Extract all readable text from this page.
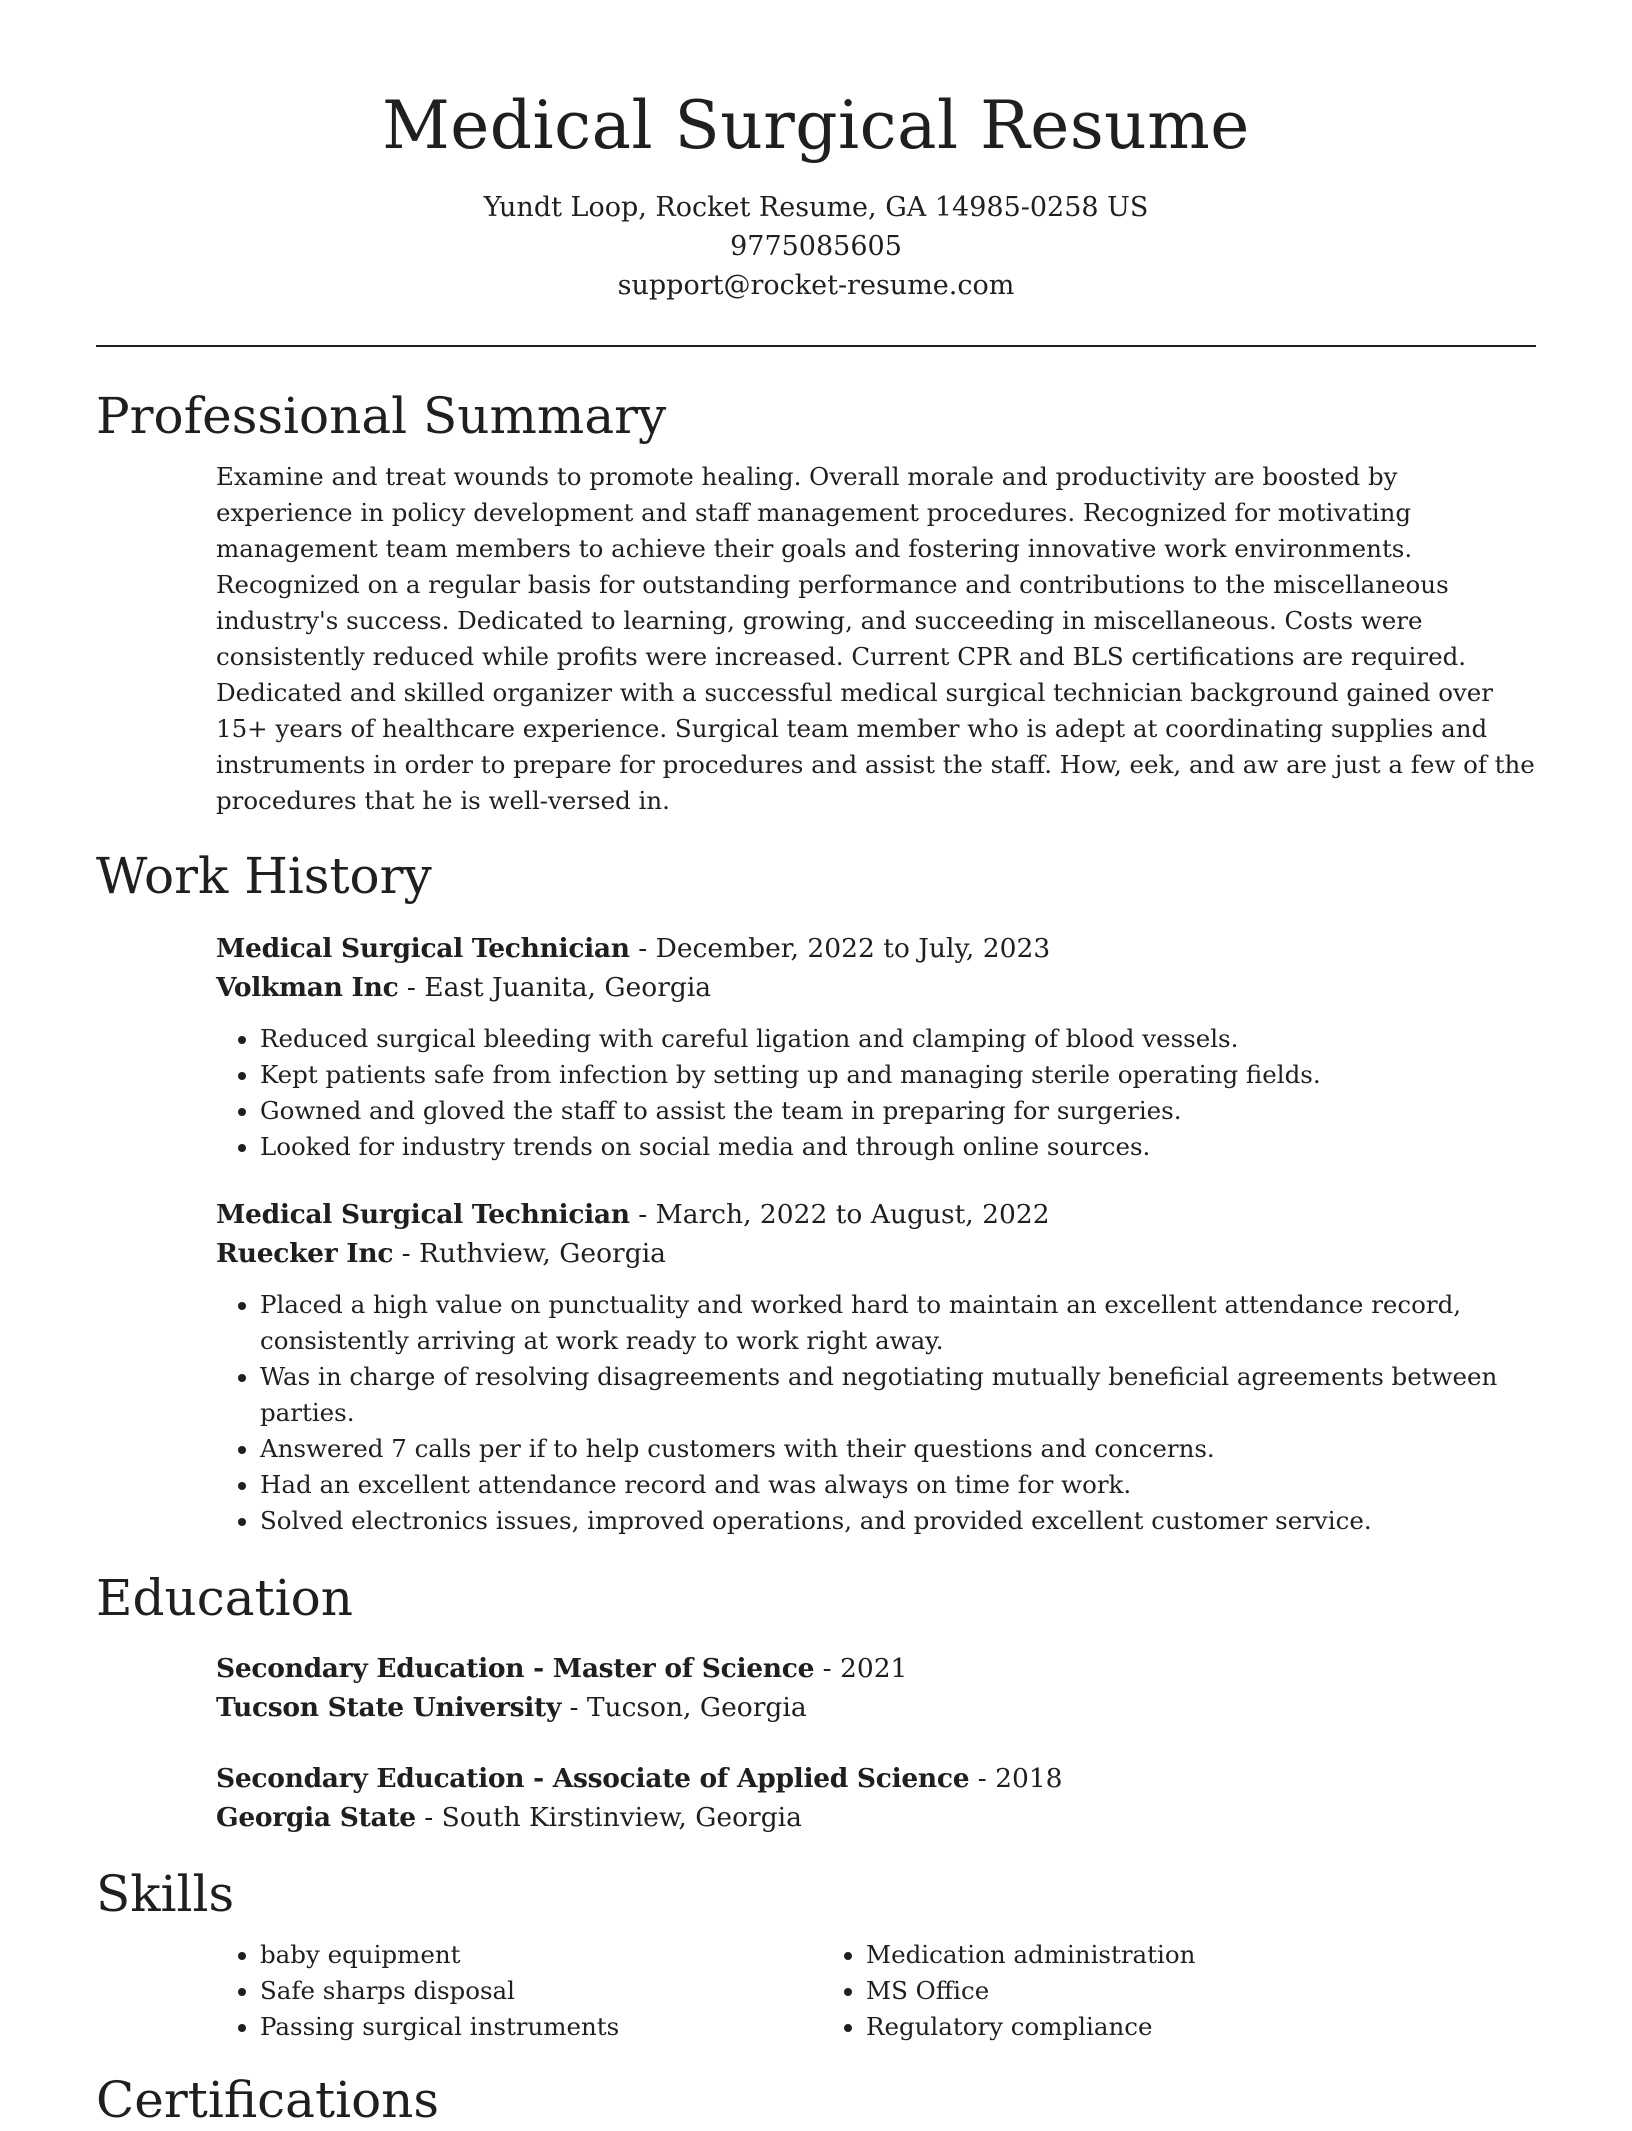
Medical Surgical Resume
Yundt Loop, Rocket Resume, GA 14985-0258 US
9775085605
support@rocket-resume.com
Professional Summary
Examine and treat wounds to promote healing. Overall morale and productivity are boosted by experience in policy development and staff management procedures. Recognized for motivating management team members to achieve their goals and fostering innovative work environments. Recognized on a regular basis for outstanding performance and contributions to the miscellaneous industry's success. Dedicated to learning, growing, and succeeding in miscellaneous. Costs were consistently reduced while profits were increased. Current CPR and BLS certifications are required. Dedicated and skilled organizer with a successful medical surgical technician background gained over 15+ years of healthcare experience. Surgical team member who is adept at coordinating supplies and instruments in order to prepare for procedures and assist the staff. How, eek, and aw are just a few of the procedures that he is well-versed in.
Work History
Medical Surgical Technician - December, 2022 to July, 2023
Volkman Inc - East Juanita, Georgia
• Reduced surgical bleeding with careful ligation and clamping of blood vessels.
• Kept patients safe from infection by setting up and managing sterile operating fields.
• Gowned and gloved the staff to assist the team in preparing for surgeries.
• Looked for industry trends on social media and through online sources.
Medical Surgical Technician - March, 2022 to August, 2022
Ruecker Inc - Ruthview, Georgia
• Placed a high value on punctuality and worked hard to maintain an excellent attendance record, consistently arriving at work ready to work right away.
• Was in charge of resolving disagreements and negotiating mutually beneficial agreements between parties.
• Answered 7 calls per if to help customers with their questions and concerns.
• Had an excellent attendance record and was always on time for work.
• Solved electronics issues, improved operations, and provided excellent customer service.
Education
Secondary Education - Master of Science - 2021
Tucson State University - Tucson, Georgia
Secondary Education - Associate of Applied Science - 2018
Georgia State - South Kirstinview, Georgia
Skills
• baby equipment
• Safe sharps disposal
• Passing surgical instruments
• Medication administration
• MS Office
• Regulatory compliance
Certifications
